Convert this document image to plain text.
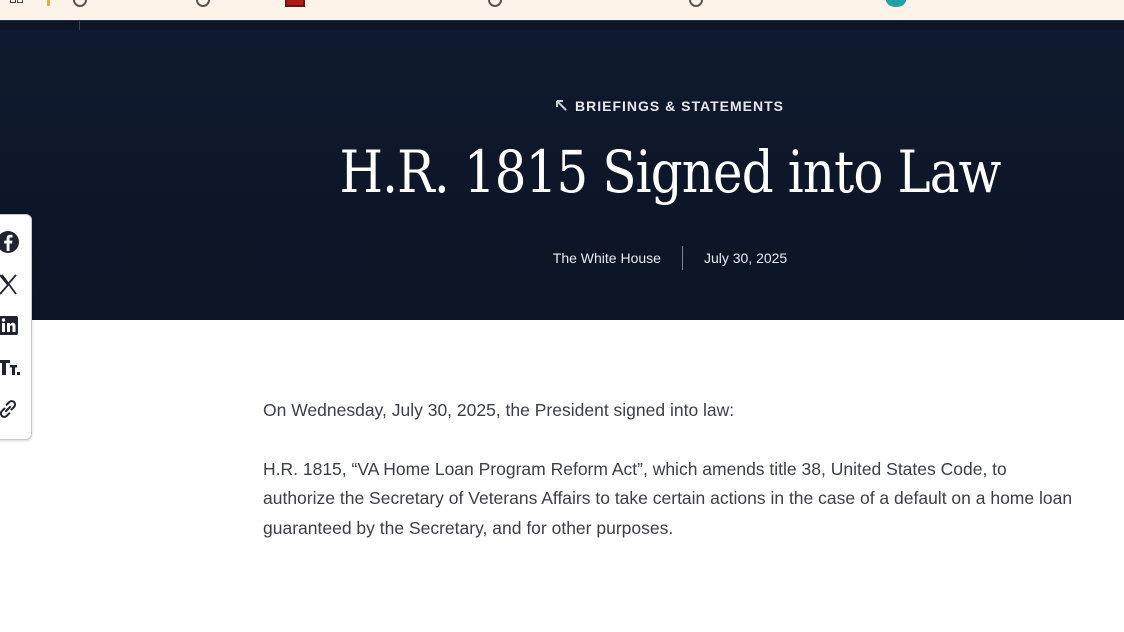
BRIEFINGS & STATEMENTS
H.R. 1815 Signed into Law
The White House	July 30, 2025

On Wednesday, July 30, 2025, the President signed into law:

H.R. 1815, “VA Home Loan Program Reform Act”, which amends title 38, United States Code, to authorize the Secretary of Veterans Affairs to take certain actions in the case of a default on a home loan guaranteed by the Secretary, and for other purposes.
